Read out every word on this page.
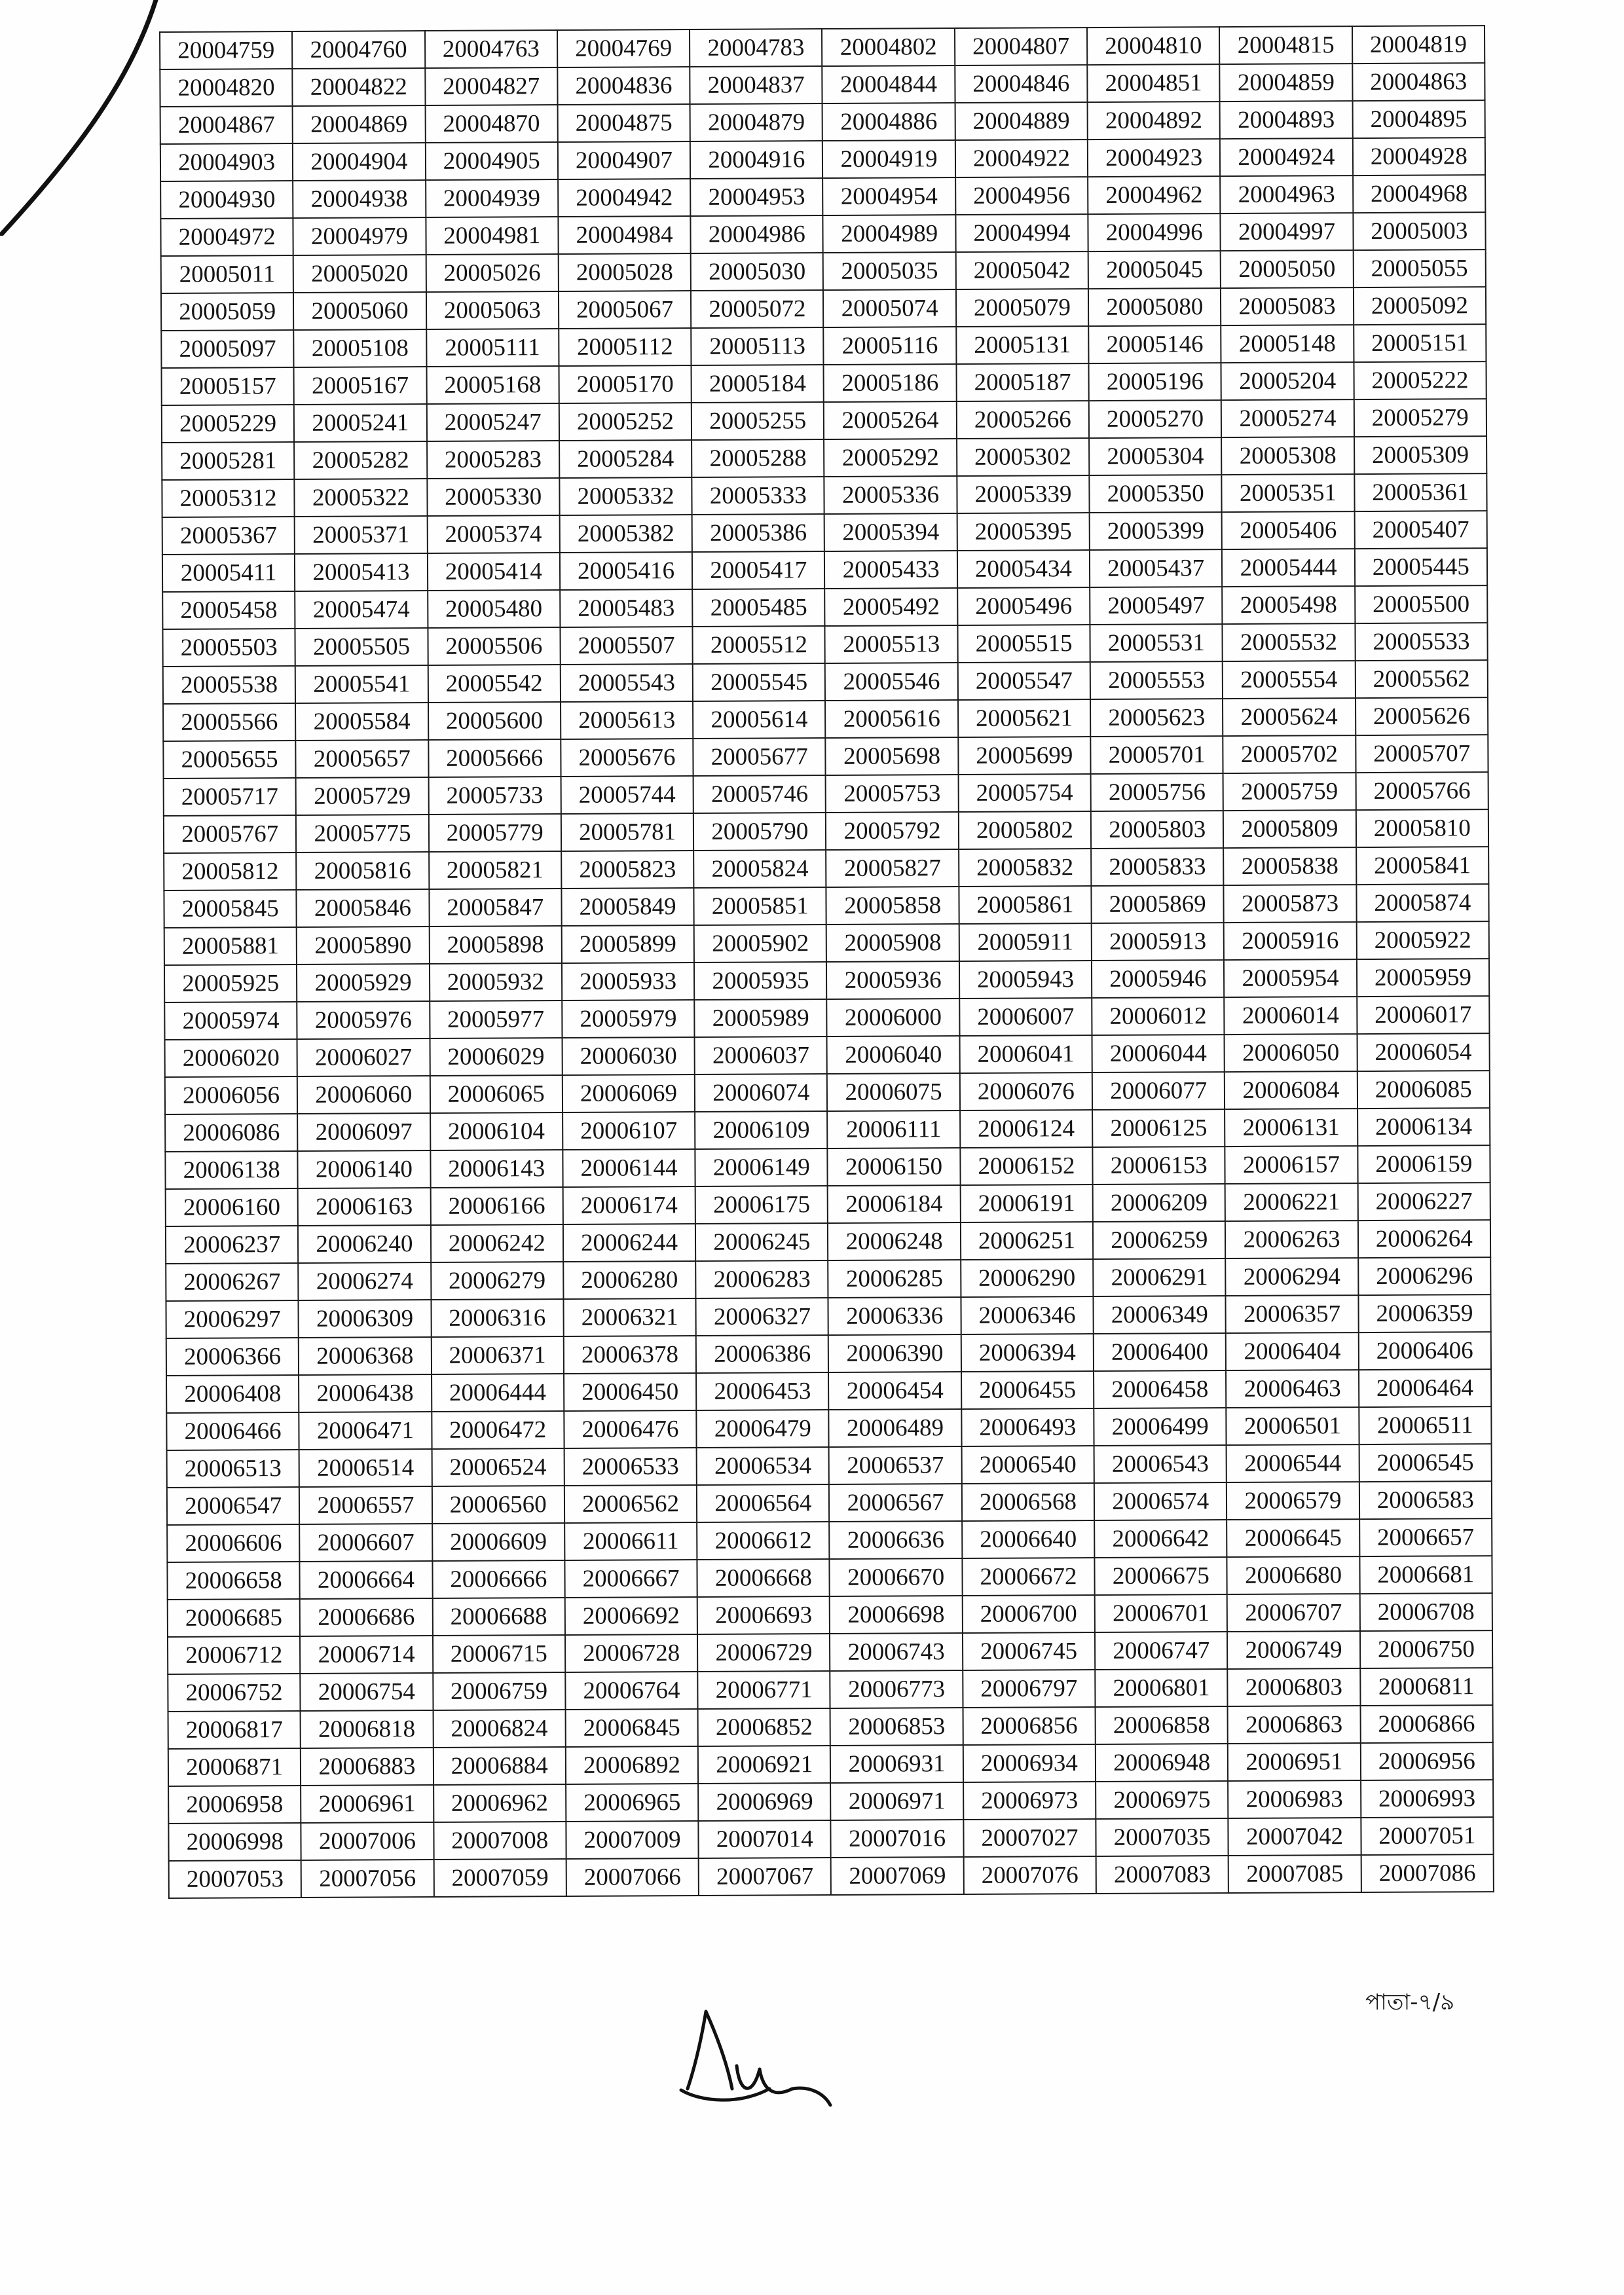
20004759	20004760	20004763	20004769	20004783	20004802	20004807	20004810	20004815	20004819
20004820	20004822	20004827	20004836	20004837	20004844	20004846	20004851	20004859	20004863
20004867	20004869	20004870	20004875	20004879	20004886	20004889	20004892	20004893	20004895
20004903	20004904	20004905	20004907	20004916	20004919	20004922	20004923	20004924	20004928
20004930	20004938	20004939	20004942	20004953	20004954	20004956	20004962	20004963	20004968
20004972	20004979	20004981	20004984	20004986	20004989	20004994	20004996	20004997	20005003
20005011	20005020	20005026	20005028	20005030	20005035	20005042	20005045	20005050	20005055
20005059	20005060	20005063	20005067	20005072	20005074	20005079	20005080	20005083	20005092
20005097	20005108	20005111	20005112	20005113	20005116	20005131	20005146	20005148	20005151
20005157	20005167	20005168	20005170	20005184	20005186	20005187	20005196	20005204	20005222
20005229	20005241	20005247	20005252	20005255	20005264	20005266	20005270	20005274	20005279
20005281	20005282	20005283	20005284	20005288	20005292	20005302	20005304	20005308	20005309
20005312	20005322	20005330	20005332	20005333	20005336	20005339	20005350	20005351	20005361
20005367	20005371	20005374	20005382	20005386	20005394	20005395	20005399	20005406	20005407
20005411	20005413	20005414	20005416	20005417	20005433	20005434	20005437	20005444	20005445
20005458	20005474	20005480	20005483	20005485	20005492	20005496	20005497	20005498	20005500
20005503	20005505	20005506	20005507	20005512	20005513	20005515	20005531	20005532	20005533
20005538	20005541	20005542	20005543	20005545	20005546	20005547	20005553	20005554	20005562
20005566	20005584	20005600	20005613	20005614	20005616	20005621	20005623	20005624	20005626
20005655	20005657	20005666	20005676	20005677	20005698	20005699	20005701	20005702	20005707
20005717	20005729	20005733	20005744	20005746	20005753	20005754	20005756	20005759	20005766
20005767	20005775	20005779	20005781	20005790	20005792	20005802	20005803	20005809	20005810
20005812	20005816	20005821	20005823	20005824	20005827	20005832	20005833	20005838	20005841
20005845	20005846	20005847	20005849	20005851	20005858	20005861	20005869	20005873	20005874
20005881	20005890	20005898	20005899	20005902	20005908	20005911	20005913	20005916	20005922
20005925	20005929	20005932	20005933	20005935	20005936	20005943	20005946	20005954	20005959
20005974	20005976	20005977	20005979	20005989	20006000	20006007	20006012	20006014	20006017
20006020	20006027	20006029	20006030	20006037	20006040	20006041	20006044	20006050	20006054
20006056	20006060	20006065	20006069	20006074	20006075	20006076	20006077	20006084	20006085
20006086	20006097	20006104	20006107	20006109	20006111	20006124	20006125	20006131	20006134
20006138	20006140	20006143	20006144	20006149	20006150	20006152	20006153	20006157	20006159
20006160	20006163	20006166	20006174	20006175	20006184	20006191	20006209	20006221	20006227
20006237	20006240	20006242	20006244	20006245	20006248	20006251	20006259	20006263	20006264
20006267	20006274	20006279	20006280	20006283	20006285	20006290	20006291	20006294	20006296
20006297	20006309	20006316	20006321	20006327	20006336	20006346	20006349	20006357	20006359
20006366	20006368	20006371	20006378	20006386	20006390	20006394	20006400	20006404	20006406
20006408	20006438	20006444	20006450	20006453	20006454	20006455	20006458	20006463	20006464
20006466	20006471	20006472	20006476	20006479	20006489	20006493	20006499	20006501	20006511
20006513	20006514	20006524	20006533	20006534	20006537	20006540	20006543	20006544	20006545
20006547	20006557	20006560	20006562	20006564	20006567	20006568	20006574	20006579	20006583
20006606	20006607	20006609	20006611	20006612	20006636	20006640	20006642	20006645	20006657
20006658	20006664	20006666	20006667	20006668	20006670	20006672	20006675	20006680	20006681
20006685	20006686	20006688	20006692	20006693	20006698	20006700	20006701	20006707	20006708
20006712	20006714	20006715	20006728	20006729	20006743	20006745	20006747	20006749	20006750
20006752	20006754	20006759	20006764	20006771	20006773	20006797	20006801	20006803	20006811
20006817	20006818	20006824	20006845	20006852	20006853	20006856	20006858	20006863	20006866
20006871	20006883	20006884	20006892	20006921	20006931	20006934	20006948	20006951	20006956
20006958	20006961	20006962	20006965	20006969	20006971	20006973	20006975	20006983	20006993
20006998	20007006	20007008	20007009	20007014	20007016	20007027	20007035	20007042	20007051
20007053	20007056	20007059	20007066	20007067	20007069	20007076	20007083	20007085	20007086
পাতা-৭/৯
